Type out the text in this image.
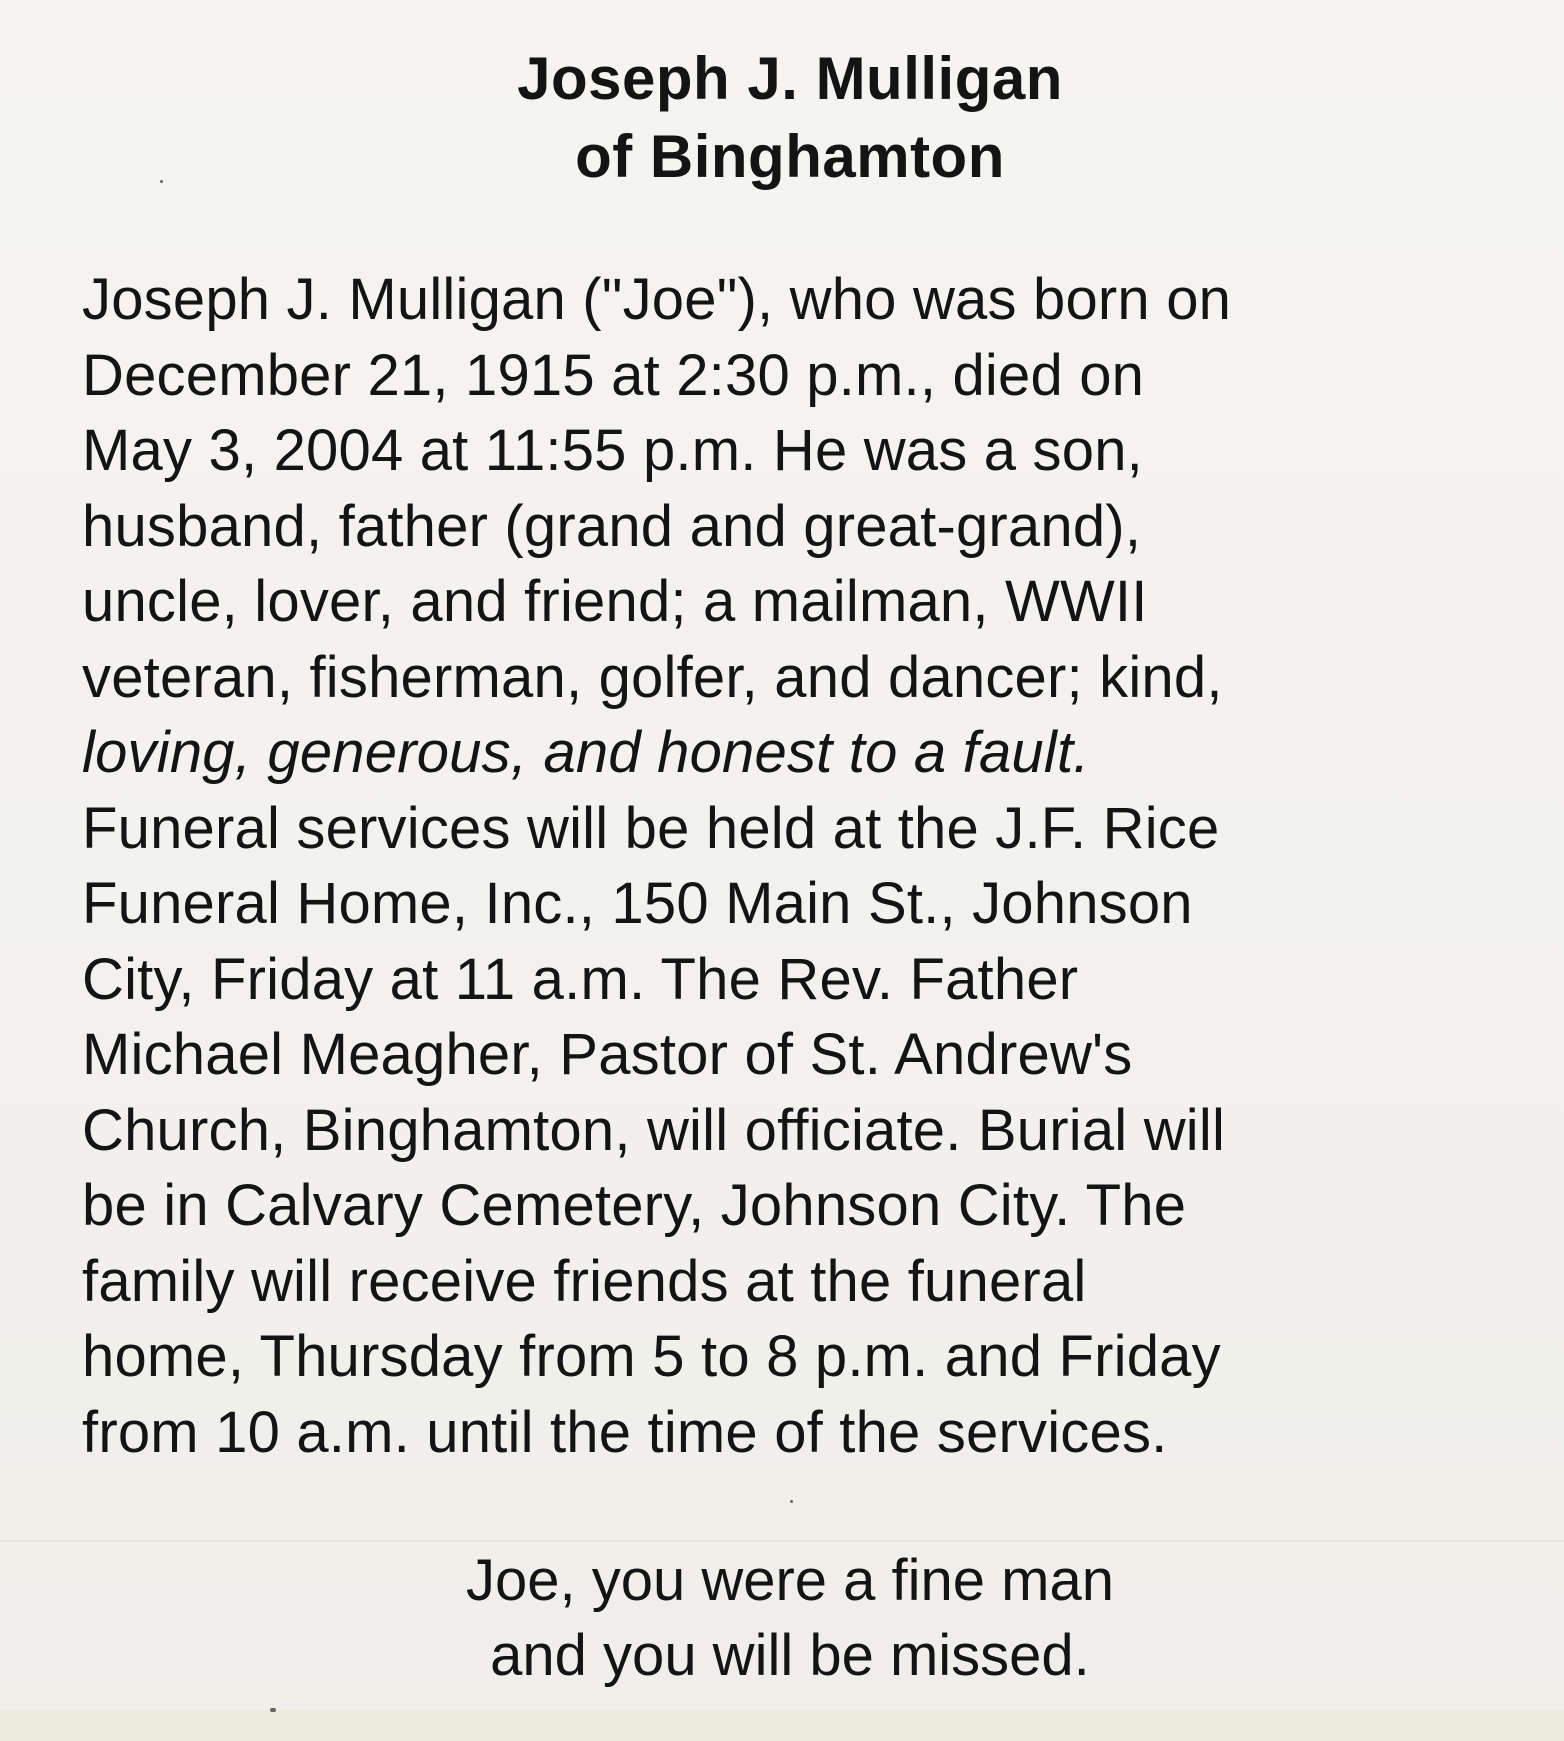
Joseph J. Mulligan
of Binghamton
Joseph J. Mulligan ("Joe"), who was born on
December 21, 1915 at 2:30 p.m., died on
May 3, 2004 at 11:55 p.m. He was a son,
husband, father (grand and great-grand),
uncle, lover, and friend; a mailman, WWII
veteran, fisherman, golfer, and dancer; kind,
loving, generous, and honest to a fault.
Funeral services will be held at the J.F. Rice
Funeral Home, Inc., 150 Main St., Johnson
City, Friday at 11 a.m. The Rev. Father
Michael Meagher, Pastor of St. Andrew's
Church, Binghamton, will officiate. Burial will
be in Calvary Cemetery, Johnson City. The
family will receive friends at the funeral
home, Thursday from 5 to 8 p.m. and Friday
from 10 a.m. until the time of the services.
Joe, you were a fine man
and you will be missed.
